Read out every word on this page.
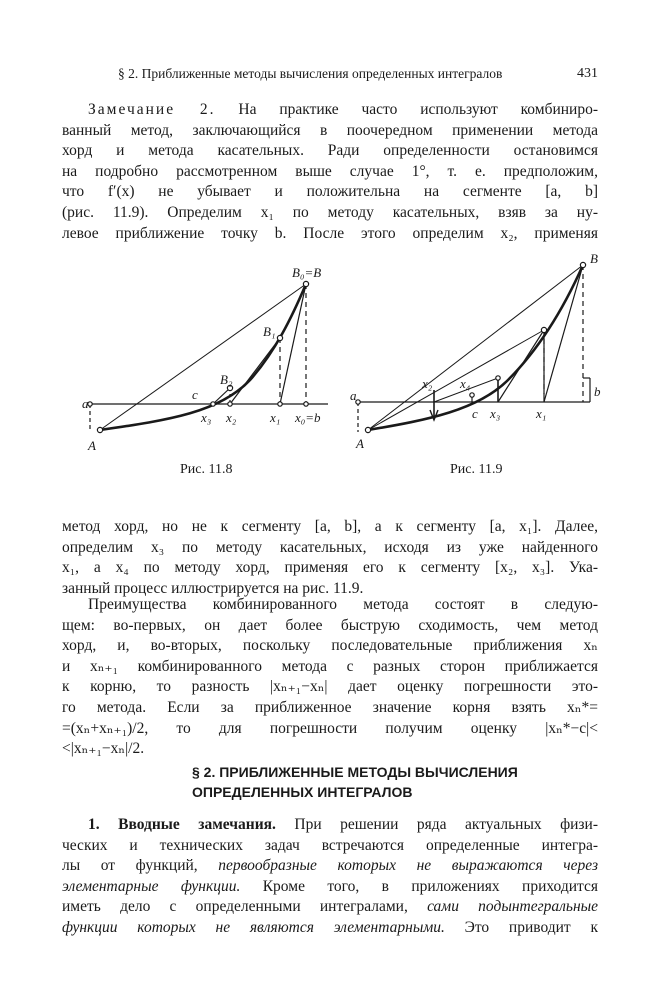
§ 2. Приближенные методы вычисления определенных интегралов	431
Замечание 2. На практике часто используют комбиниро-
ванный метод, заключающийся в поочередном применении метода
хорд и метода касательных. Ради определенности остановимся
на подробно рассмотренном выше случае 1°, т. е. предположим,
что f′(x) не убывает и положительна на сегменте [a, b]
(рис. 11.9). Определим x₁ по методу касательных, взяв за ну-
левое приближение точку b. После этого определим x₂, применяя
B₀=B
B₁
B₂
a
A
c
x₃ x₂	x₁ x₀=b
Рис. 11.8
B
a	b
A
x₂ x₄
c x₃	x₁
Рис. 11.9
метод хорд, но не к сегменту [a, b], а к сегменту [a, x₁]. Далее,
определим x₃ по методу касательных, исходя из уже найденного
x₁, а x₄ по методу хорд, применяя его к сегменту [x₂, x₃]. Ука-
занный процесс иллюстрируется на рис. 11.9.
Преимущества комбинированного метода состоят в следую-
щем: во-первых, он дает более быструю сходимость, чем метод
хорд, и, во-вторых, поскольку последовательные приближения xₙ
и xₙ₊₁ комбинированного метода с разных сторон приближается
к корню, то разность |xₙ₊₁−xₙ| дает оценку погрешности это-
го метода. Если за приближенное значение корня взять xₙ*=
=(xₙ+xₙ₊₁)/2, то для погрешности получим оценку |xₙ*−c|<
<|xₙ₊₁−xₙ|/2.
§ 2. ПРИБЛИЖЕННЫЕ МЕТОДЫ ВЫЧИСЛЕНИЯ
ОПРЕДЕЛЕННЫХ ИНТЕГРАЛОВ
1. Вводные замечания. При решении ряда актуальных физи-
ческих и технических задач встречаются определенные интегра-
лы от функций, первообразные которых не выражаются через
элементарные функции. Кроме того, в приложениях приходится
иметь дело с определенными интегралами, сами подынтегральные
функции которых не являются элементарными. Это приводит к
